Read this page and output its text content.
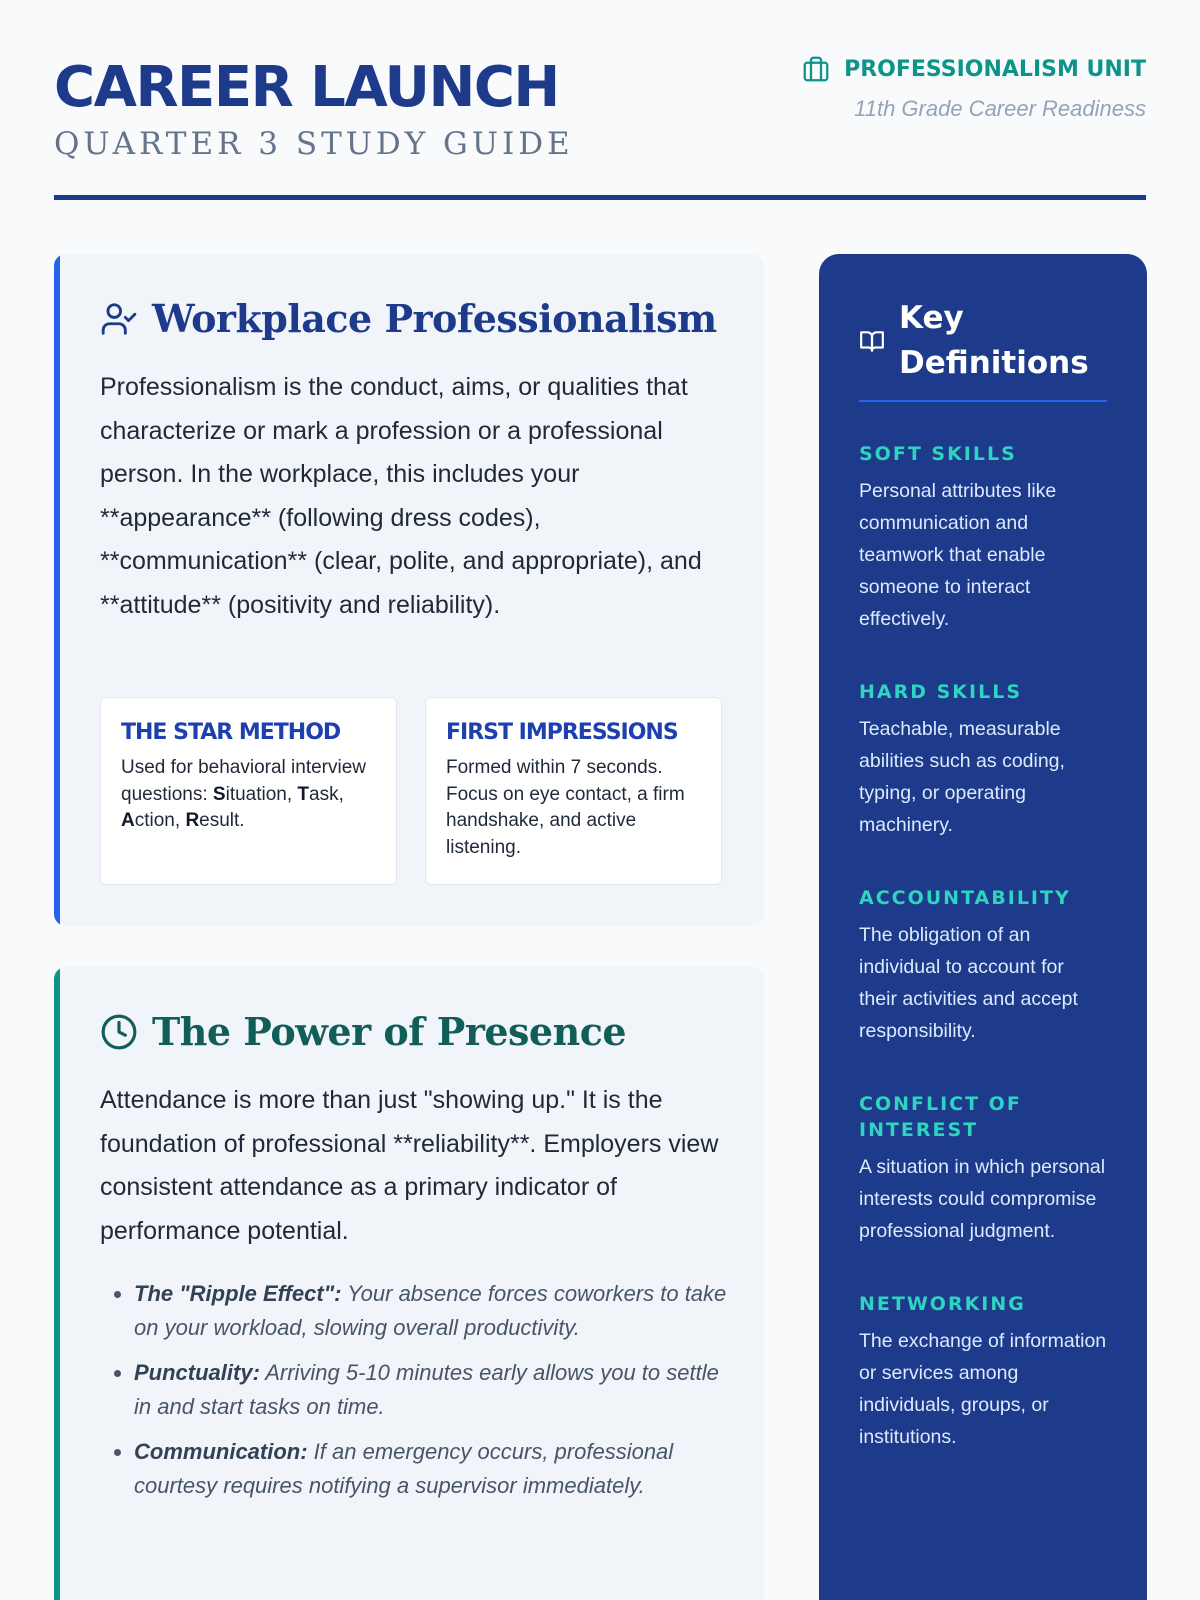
CAREER LAUNCH
QUARTER 3 STUDY GUIDE
PROFESSIONALISM UNIT
11th Grade Career Readiness
Workplace Professionalism

Professionalism is the conduct, aims, or qualities that characterize or mark a profession or a professional person. In the workplace, this includes your **appearance** (following dress codes), **communication** (clear, polite, and appropriate), and **attitude** (positivity and reliability).

THE STAR METHOD
Used for behavioral interview questions: Situation, Task, Action, Result.
FIRST IMPRESSIONS
Formed within 7 seconds. Focus on eye contact, a firm handshake, and active listening.
The Power of Presence

Attendance is more than just "showing up." It is the foundation of professional **reliability**. Employers view consistent attendance as a primary indicator of performance potential.

• The "Ripple Effect": Your absence forces coworkers to take on your workload, slowing overall productivity.
• Punctuality: Arriving 5-10 minutes early allows you to settle in and start tasks on time.
• Communication: If an emergency occurs, professional courtesy requires notifying a supervisor immediately.
Key Definitions
SOFT SKILLS
Personal attributes like communication and teamwork that enable someone to interact effectively.
HARD SKILLS
Teachable, measurable abilities such as coding, typing, or operating machinery.
ACCOUNTABILITY
The obligation of an individual to account for their activities and accept responsibility.
CONFLICT OF INTEREST
A situation in which personal interests could compromise professional judgment.
NETWORKING
The exchange of information or services among individuals, groups, or institutions.
